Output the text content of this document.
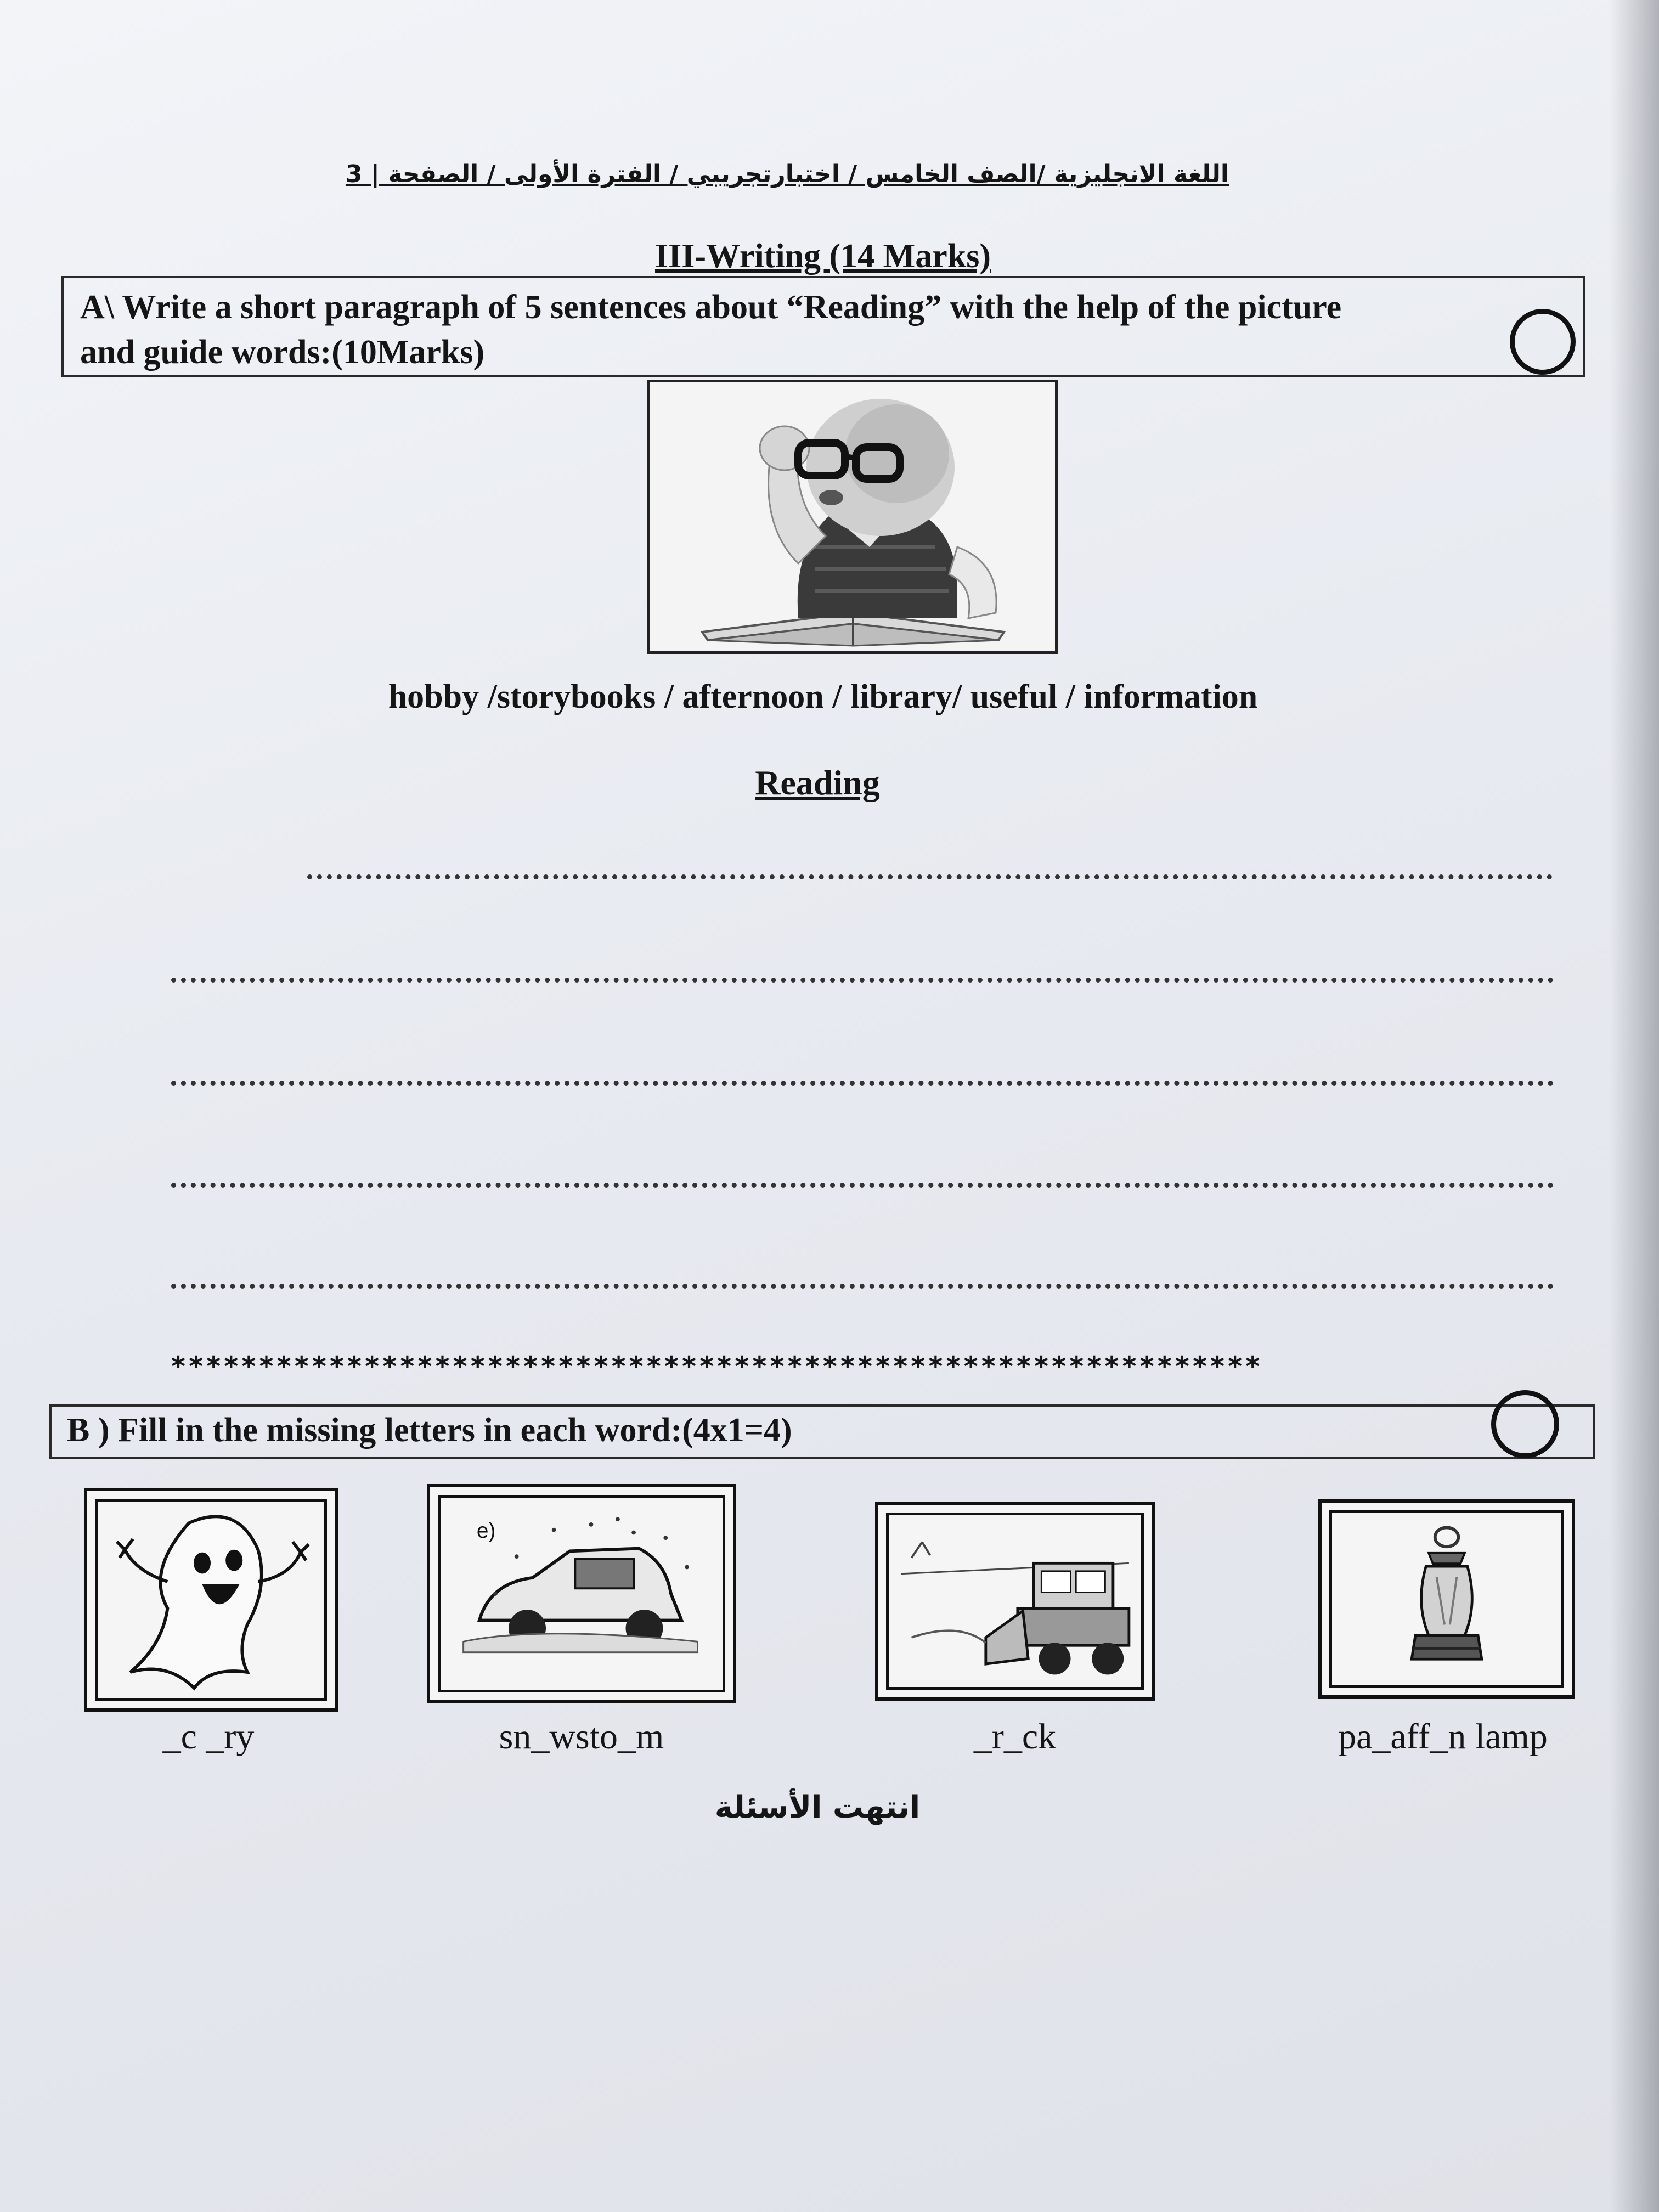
اللغة الانجليزية /الصف الخامس / اختبارتجريبي / الفترة الأولى / الصفحة | 3
III-Writing (14 Marks)
A\ Write a short paragraph of 5 sentences about “Reading” with the help of the picture
and guide words:(10Marks)
hobby /storybooks / afternoon / library/ useful / information
Reading
**************************************************************
B ) Fill in the missing letters in each word:(4x1=4)
e)
_c _ry	sn_wsto_m	_r_ck	pa_aff_n lamp
انتهت الأسئلة
